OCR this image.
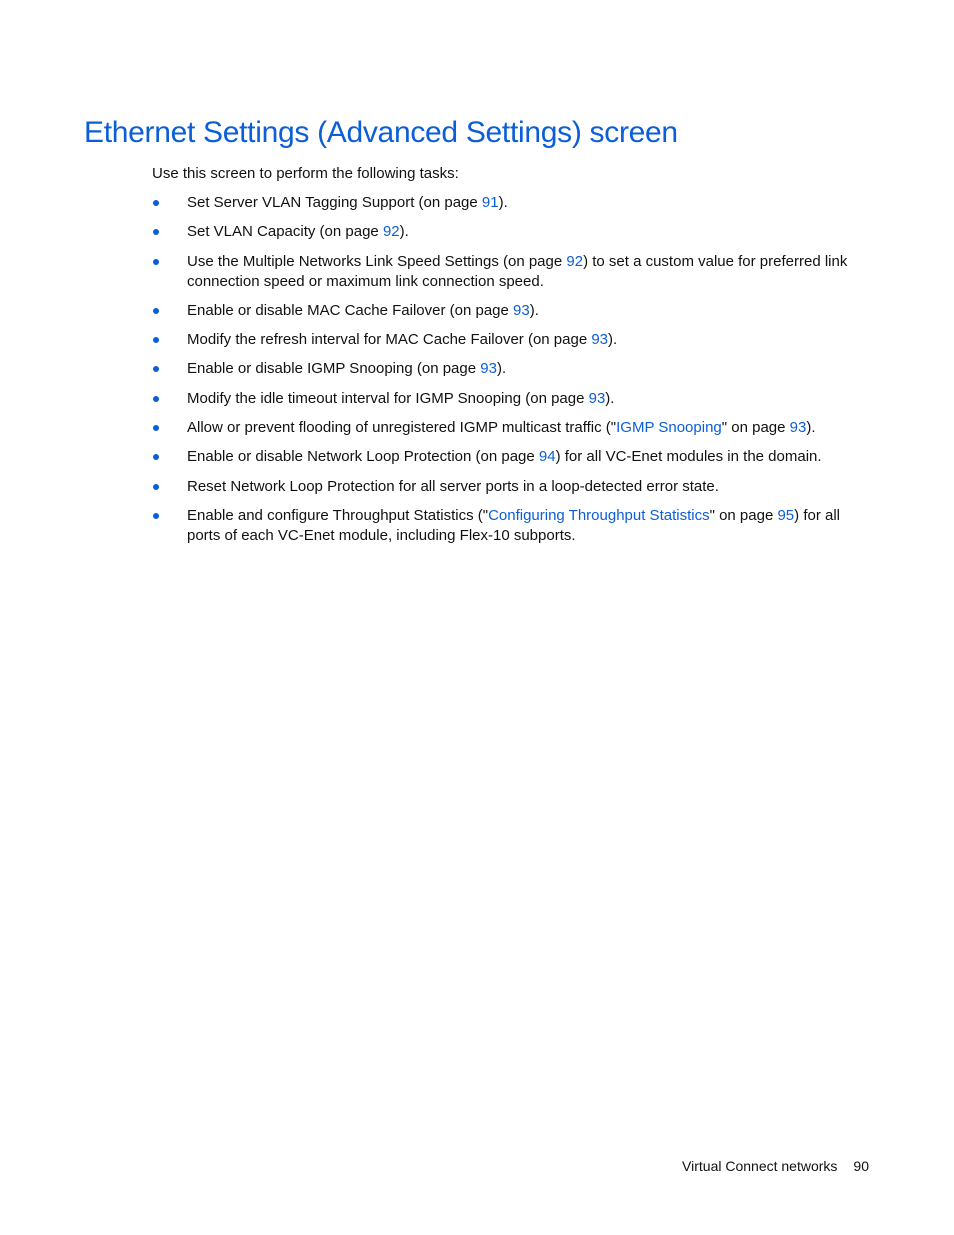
Ethernet Settings (Advanced Settings) screen

Use this screen to perform the following tasks:

Set Server VLAN Tagging Support (on page 91).
Set VLAN Capacity (on page 92).
Use the Multiple Networks Link Speed Settings (on page 92) to set a custom value for preferred link connection speed or maximum link connection speed.
Enable or disable MAC Cache Failover (on page 93).
Modify the refresh interval for MAC Cache Failover (on page 93).
Enable or disable IGMP Snooping (on page 93).
Modify the idle timeout interval for IGMP Snooping (on page 93).
Allow or prevent flooding of unregistered IGMP multicast traffic ("IGMP Snooping" on page 93).
Enable or disable Network Loop Protection (on page 94) for all VC-Enet modules in the domain.
Reset Network Loop Protection for all server ports in a loop-detected error state.
Enable and configure Throughput Statistics ("Configuring Throughput Statistics" on page 95) for all ports of each VC-Enet module, including Flex-10 subports.
Virtual Connect networks 90
